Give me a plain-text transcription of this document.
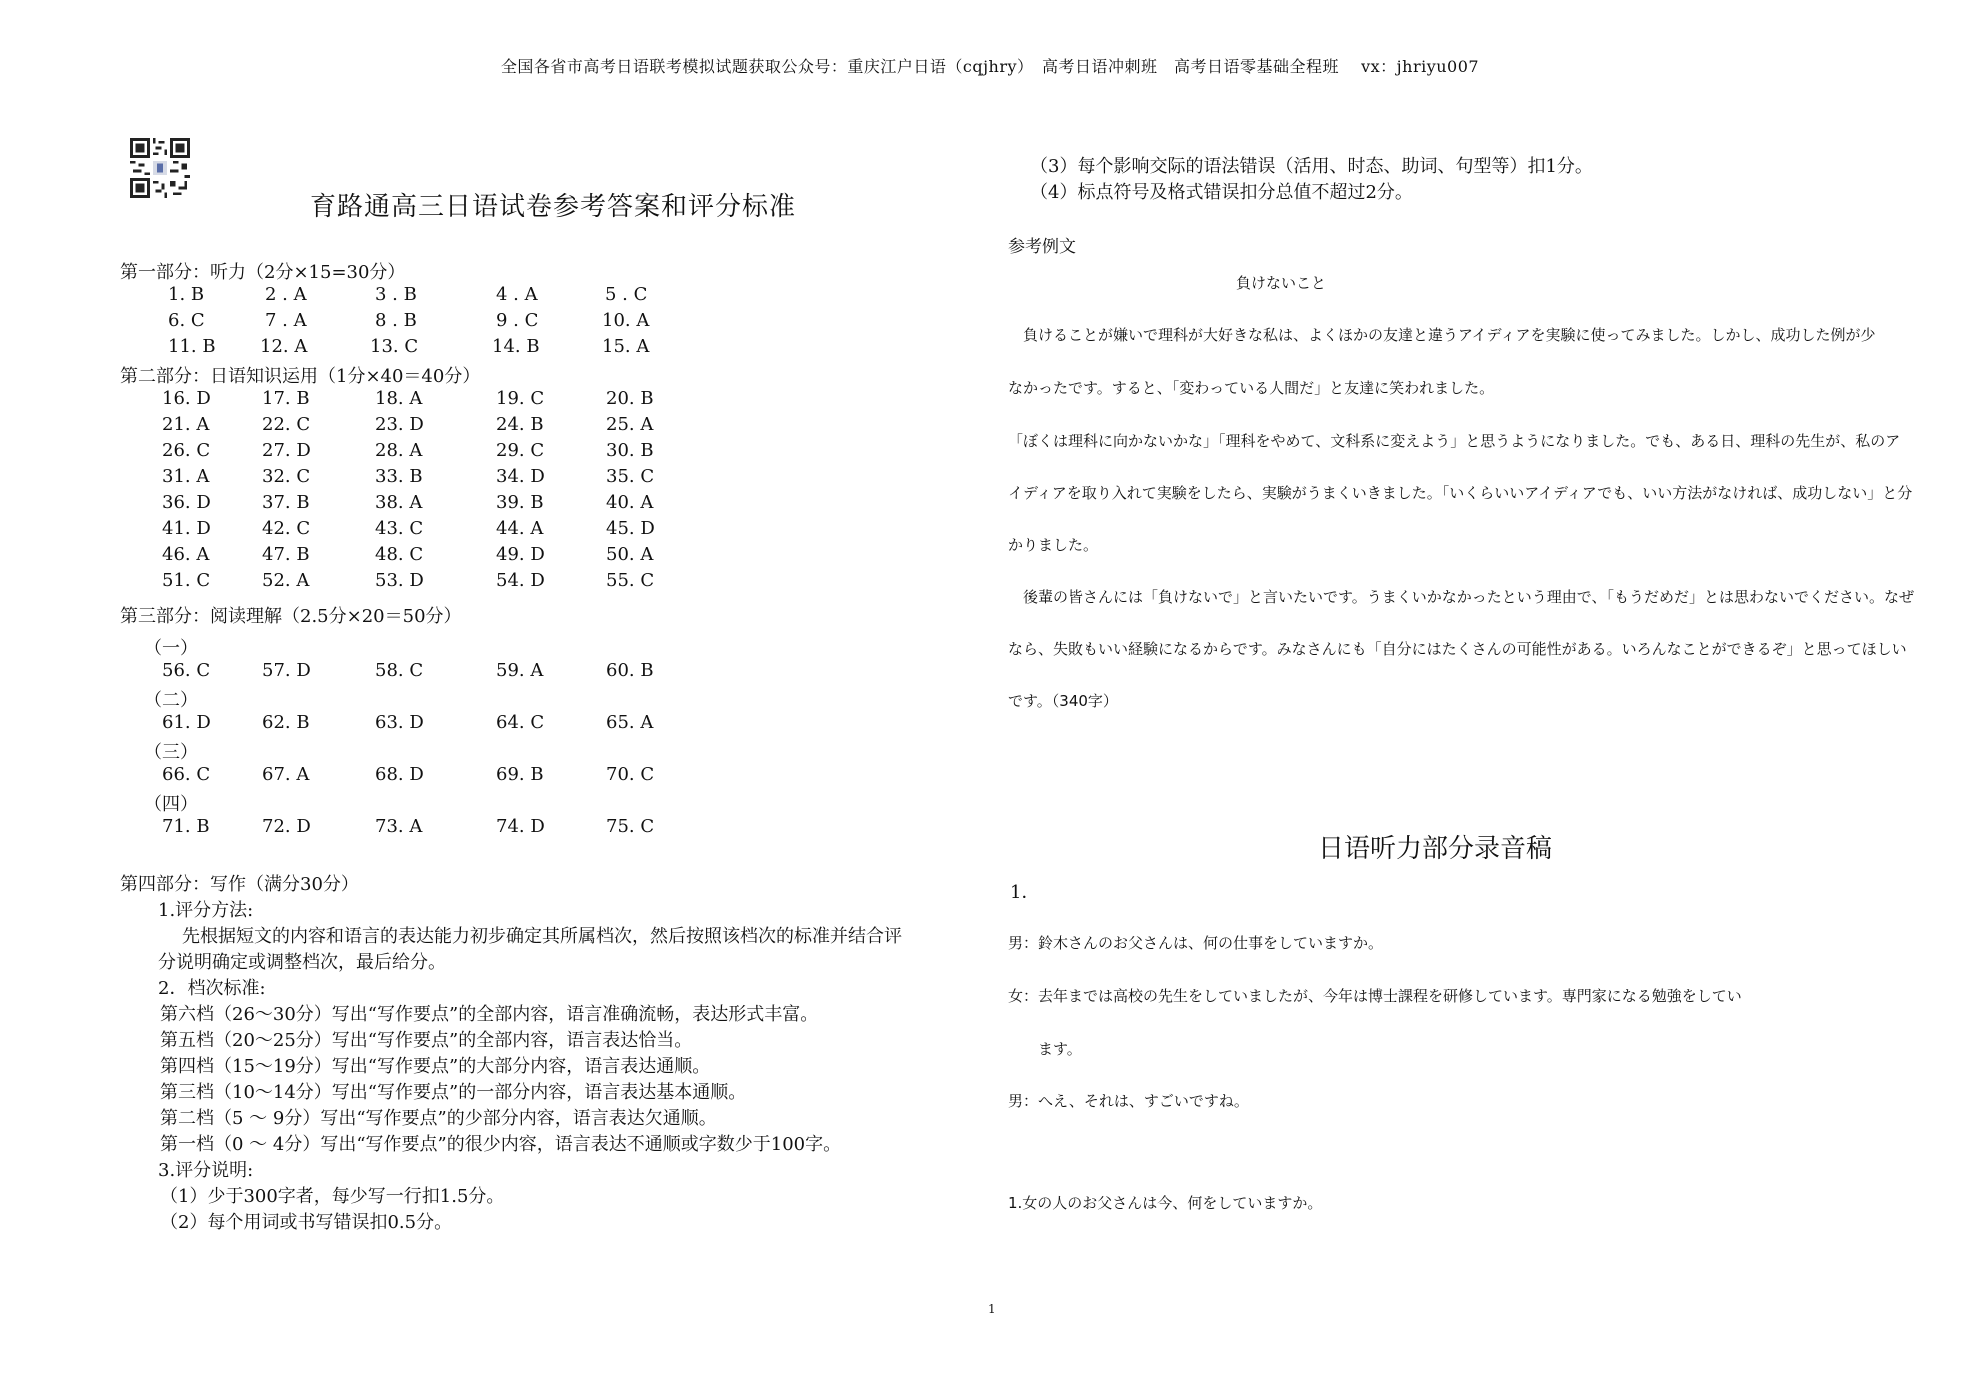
全国各省市高考日语联考模拟试题获取公众号：重庆江户日语（cqjhry）　高考日语冲刺班　高考日语零基础全程班　 vx：jhriyu007
育路通高三日语试卷参考答案和评分标准
第一部分：听力（2分×15=30分）
1. B	2 . A	3 . B	4 . A	5 . C
6. C	7 . A	8 . B	9 . C	10. A
11. B 12. A	13. C	14. B	15. A
第二部分：日语知识运用（1分×40＝40分）
16. D	17. B	18. A	19. C	20. B
21. A	22. C	23. D	24. B	25. A
26. C	27. D	28. A	29. C	30. B
31. A	32. C	33. B	34. D	35. C
36. D	37. B	38. A	39. B	40. A
41. D	42. C	43. C	44. A	45. D
46. A	47. B	48. C	49. D	50. A
51. C	52. A	53. D	54. D	55. C
第三部分：阅读理解（2.5分×20＝50分）
（一）
56. C	57. D	58. C	59. A	60. B
（二）
61. D	62. B	63. D	64. C	65. A
（三）
66. C	67. A	68. D	69. B	70. C
（四）
71. B	72. D	73. A	74. D	75. C
第四部分：写作（满分30分）
1.评分方法:
先根据短文的内容和语言的表达能力初步确定其所属档次，然后按照该档次的标准并结合评
分说明确定或调整档次，最后给分。
2．档次标准:
第六档（26～30分）写出“写作要点”的全部内容，语言准确流畅，表达形式丰富。
第五档（20～25分）写出“写作要点”的全部内容，语言表达恰当。
第四档（15～19分）写出“写作要点”的大部分内容，语言表达通顺。
第三档（10～14分）写出“写作要点”的一部分内容，语言表达基本通顺。
第二档（5 ～ 9分）写出“写作要点”的少部分内容，语言表达欠通顺。
第一档（0 ～ 4分）写出“写作要点”的很少内容，语言表达不通顺或字数少于100字。
3.评分说明:
（1）少于300字者，每少写一行扣1.5分。
（2）每个用词或书写错误扣0.5分。
（3）每个影响交际的语法错误（活用、时态、助词、句型等）扣1分。
（4）标点符号及格式错误扣分总值不超过2分。
参考例文
負けないこと
　負けることが嫌いで理科が大好きな私は、よくほかの友達と違うアイディアを実験に使ってみました。しかし、成功した例が少
なかったです。すると、「変わっている人間だ」と友達に笑われました。
「ぼくは理科に向かないかな」「理科をやめて、文科系に変えよう」と思うようになりました。でも、ある日、理科の先生が、私のア
イディアを取り入れて実験をしたら、実験がうまくいきました。「いくらいいアイディアでも、いい方法がなければ、成功しない」と分
かりました。
　後輩の皆さんには「負けないで」と言いたいです。うまくいかなかったという理由で、「もうだめだ」とは思わないでください。なぜ
なら、失敗もいい経験になるからです。みなさんにも「自分にはたくさんの可能性がある。いろんなことができるぞ」と思ってほしい
です。（340字）
日语听力部分录音稿
1．
男：鈴木さんのお父さんは、何の仕事をしていますか。
女：去年までは高校の先生をしていましたが、今年は博士課程を研修しています。専門家になる勉強をしてい
　　ます。
男：へえ、それは、すごいですね。
1.女の人のお父さんは今、何をしていますか。
1
